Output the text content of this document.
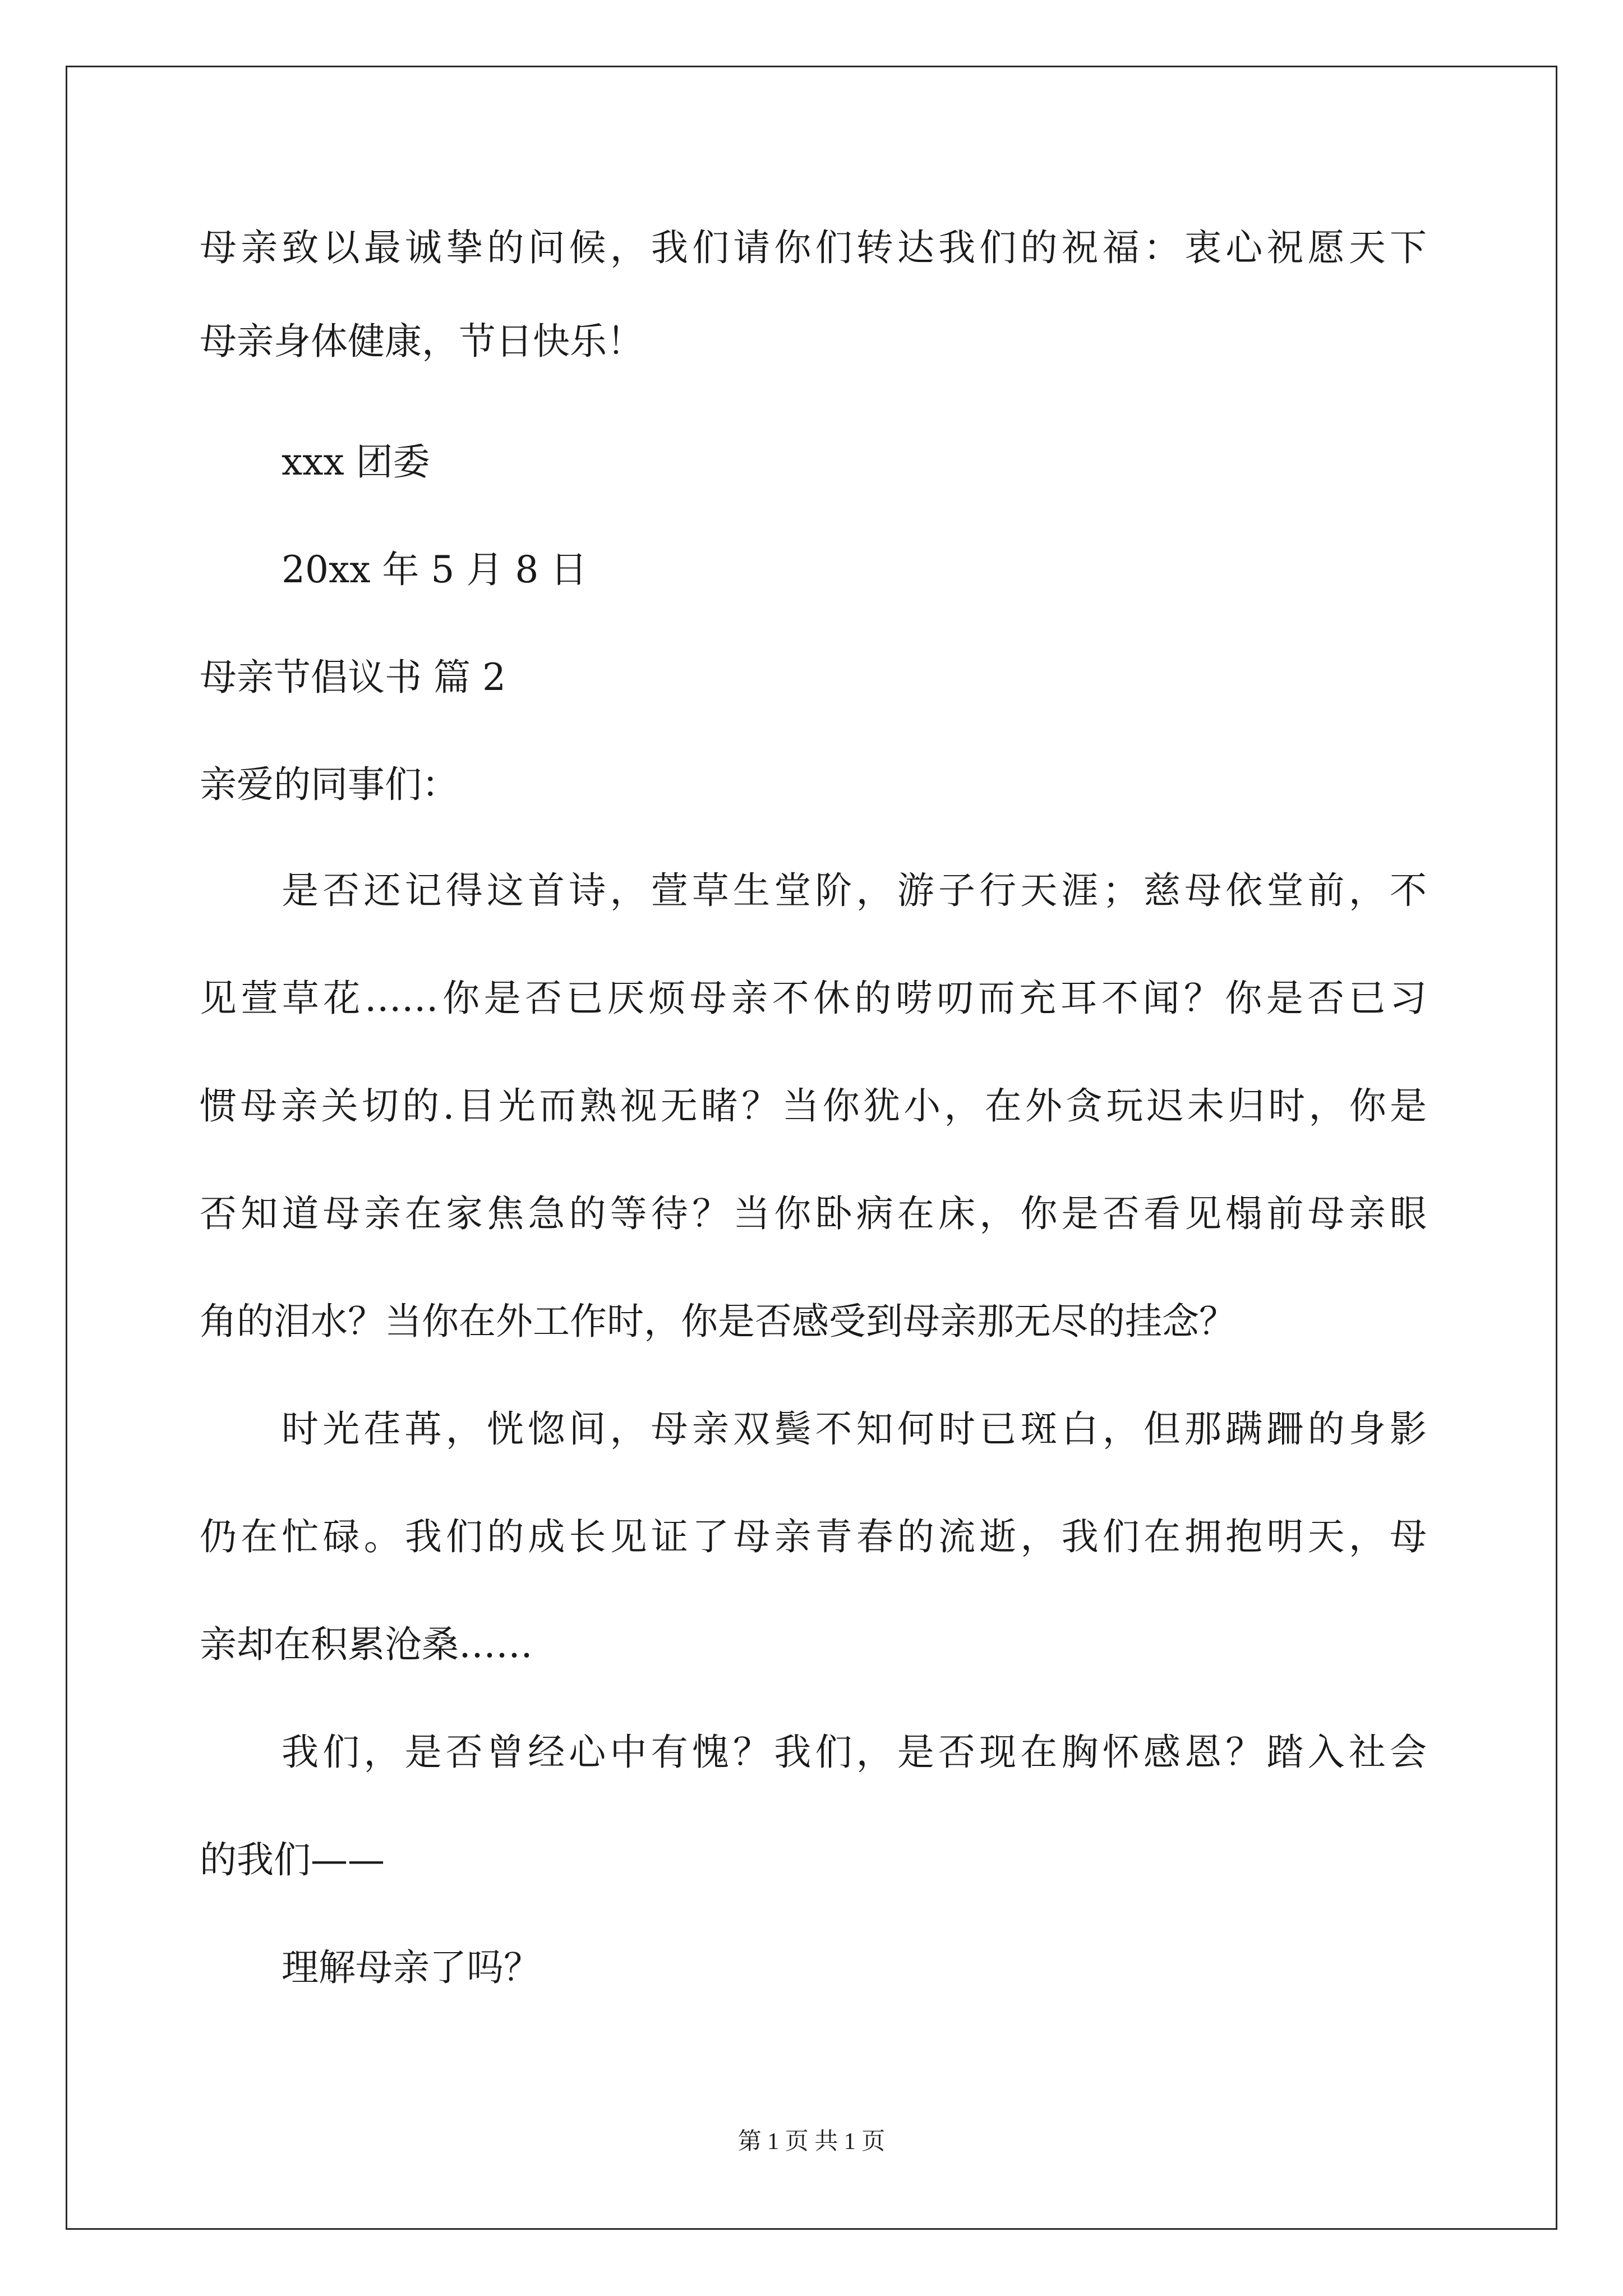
母亲致以最诚挚的问候，我们请你们转达我们的祝福：衷心祝愿天下
母亲身体健康，节日快乐！
xxx 团委
20xx 年 5 月 8 日
母亲节倡议书 篇 2
亲爱的同事们：
是否还记得这首诗，萱草生堂阶，游子行天涯；慈母依堂前，不
见萱草花……你是否已厌烦母亲不休的唠叨而充耳不闻？你是否已习
惯母亲关切的.目光而熟视无睹？当你犹小，在外贪玩迟未归时，你是
否知道母亲在家焦急的等待？当你卧病在床，你是否看见榻前母亲眼
角的泪水？当你在外工作时，你是否感受到母亲那无尽的挂念？
时光荏苒，恍惚间，母亲双鬓不知何时已斑白，但那蹒跚的身影
仍在忙碌。我们的成长见证了母亲青春的流逝，我们在拥抱明天，母
亲却在积累沧桑……
我们，是否曾经心中有愧？我们，是否现在胸怀感恩？踏入社会
的我们——
理解母亲了吗？
第 1 页 共 1 页
